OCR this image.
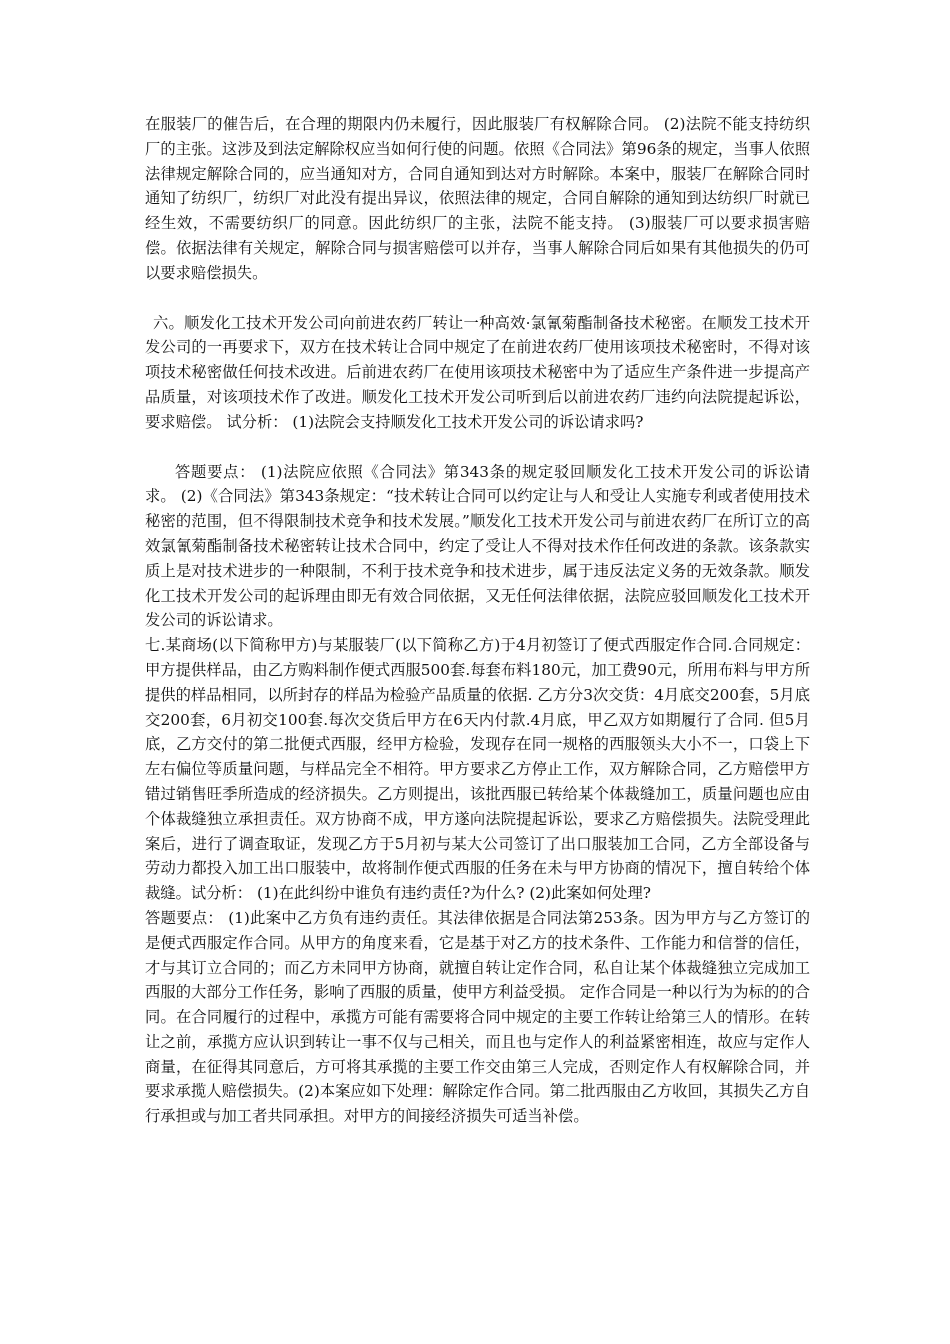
在服装厂的催告后，在合理的期限内仍未履行，因此服装厂有权解除合同。 (2)法院不能支持纺织厂的主张。这涉及到法定解除权应当如何行使的问题。依照《合同法》第96条的规定，当事人依照法律规定解除合同的，应当通知对方，合同自通知到达对方时解除。本案中，服装厂在解除合同时通知了纺织厂，纺织厂对此没有提出异议，依照法律的规定，合同自解除的通知到达纺织厂时就已经生效，不需要纺织厂的同意。因此纺织厂的主张，法院不能支持。 (3)服装厂可以要求损害赔偿。依据法律有关规定，解除合同与损害赔偿可以并存，当事人解除合同后如果有其他损失的仍可以要求赔偿损失。

六。顺发化工技术开发公司向前进农药厂转让一种高效·氯氰菊酯制备技术秘密。在顺发工技术开发公司的一再要求下，双方在技术转让合同中规定了在前进农药厂使用该项技术秘密时，不得对该项技术秘密做任何技术改进。后前进农药厂在使用该项技术秘密中为了适应生产条件进一步提高产品质量，对该项技术作了改进。顺发化工技术开发公司听到后以前进农药厂违约向法院提起诉讼，要求赔偿。 试分析： (1)法院会支持顺发化工技术开发公司的诉讼请求吗?

答题要点： (1)法院应依照《合同法》第343条的规定驳回顺发化工技术开发公司的诉讼请求。 (2)《合同法》第343条规定：“技术转让合同可以约定让与人和受让人实施专利或者使用技术秘密的范围，但不得限制技术竞争和技术发展。”顺发化工技术开发公司与前进农药厂在所订立的高效氯氰菊酯制备技术秘密转让技术合同中，约定了受让人不得对技术作任何改进的条款。该条款实质上是对技术进步的一种限制，不利于技术竞争和技术进步，属于违反法定义务的无效条款。顺发化工技术开发公司的起诉理由即无有效合同依据，又无任何法律依据，法院应驳回顺发化工技术开发公司的诉讼请求。

七.某商场(以下简称甲方)与某服装厂(以下简称乙方)于4月初签订了便式西服定作合同.合同规定：甲方提供样品，由乙方购料制作便式西服500套.每套布料180元，加工费90元，所用布料与甲方所提供的样品相同，以所封存的样品为检验产品质量的依据. 乙方分3次交货：4月底交200套，5月底交200套，6月初交100套.每次交货后甲方在6天内付款.4月底，甲乙双方如期履行了合同. 但5月底，乙方交付的第二批便式西服，经甲方检验，发现存在同一规格的西服领头大小不一，口袋上下左右偏位等质量问题，与样品完全不相符。甲方要求乙方停止工作，双方解除合同，乙方赔偿甲方错过销售旺季所造成的经济损失。乙方则提出，该批西服已转给某个体裁缝加工，质量问题也应由个体裁缝独立承担责任。双方协商不成，甲方遂向法院提起诉讼，要求乙方赔偿损失。法院受理此案后，进行了调查取证，发现乙方于5月初与某大公司签订了出口服装加工合同，乙方全部设备与劳动力都投入加工出口服装中，故将制作便式西服的任务在未与甲方协商的情况下，擅自转给个体裁缝。试分析： (1)在此纠纷中谁负有违约责任?为什么? (2)此案如何处理?

答题要点： (1)此案中乙方负有违约责任。其法律依据是合同法第253条。因为甲方与乙方签订的是便式西服定作合同。从甲方的角度来看，它是基于对乙方的技术条件、工作能力和信誉的信任，才与其订立合同的；而乙方未同甲方协商，就擅自转让定作合同，私自让某个体裁缝独立完成加工西服的大部分工作任务，影响了西服的质量，使甲方利益受损。 定作合同是一种以行为为标的的合同。在合同履行的过程中，承揽方可能有需要将合同中规定的主要工作转让给第三人的情形。在转让之前，承揽方应认识到转让一事不仅与己相关，而且也与定作人的利益紧密相连，故应与定作人商量，在征得其同意后，方可将其承揽的主要工作交由第三人完成，否则定作人有权解除合同，并要求承揽人赔偿损失。(2)本案应如下处理：解除定作合同。第二批西服由乙方收回，其损失乙方自行承担或与加工者共同承担。对甲方的间接经济损失可适当补偿。
